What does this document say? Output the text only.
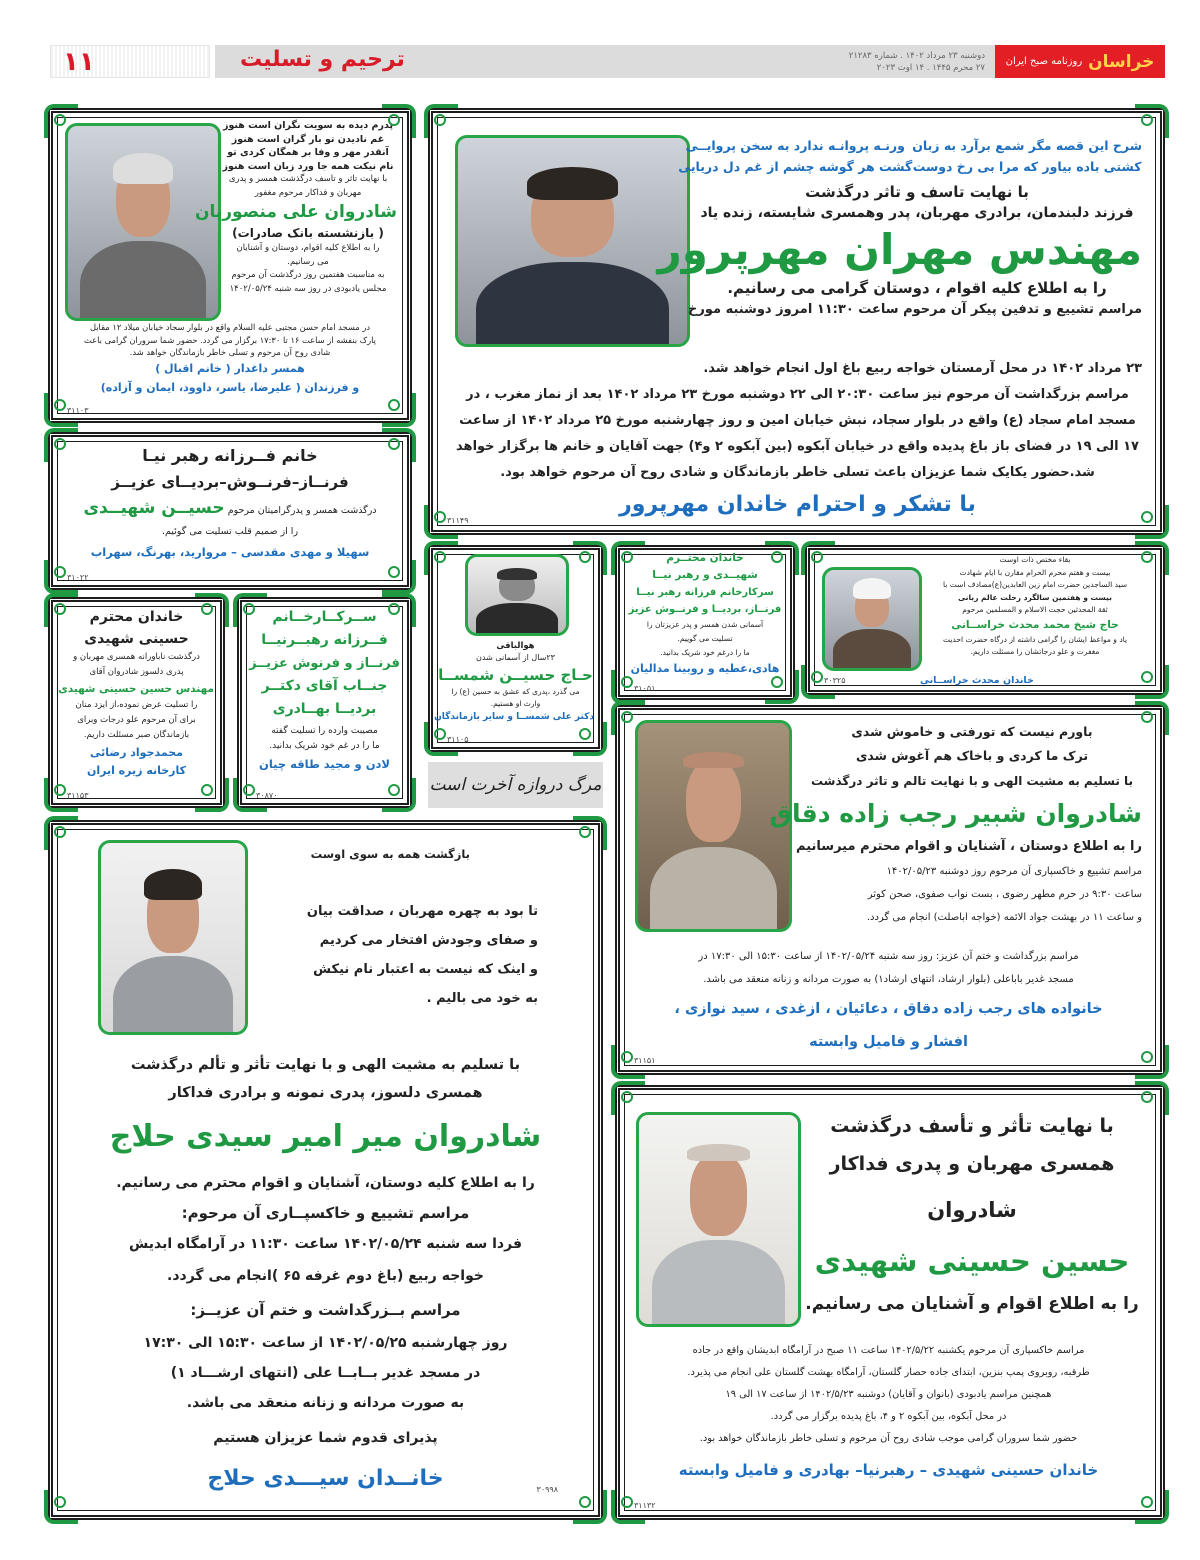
۱۱	ترحیم و تسلیت	دوشنبه ۲۳ مرداد ۱۴۰۲ . شماره ۲۱۲۸۳
۲۷ محرم ۱۴۴۵ . ۱۴ اوت ۲۰۲۳	خراسان
روزنامه صبح ایران
شرح این قصه مگر شمع برآرد به زبان
کشتی باده بیاور که مرا بی رخ دوست
ورنـه پروانـه ندارد به سخن پروایــی
گشت هر گوشه چشم از غم دل دریایی
با نهایت تاسف و تاثر درگذشت
فرزند دلبندمان، برادری مهربان، پدر وهمسری شایسته، زنده یاد
مهندس مهران مهرپرور
را به اطلاع کلیه اقوام ، دوستان گرامی می رسانیم.
مراسم تشییع و تدفین پیکر آن مرحوم ساعت ۱۱:۳۰ امروز دوشنبه مورخ
۲۳ مرداد ۱۴۰۲ در محل آرمستان خواجه ربیع باغ اول انجام خواهد شد.
مراسم بزرگداشت آن مرحوم نیز ساعت ۲۰:۳۰ الی ۲۲ دوشنبه مورخ ۲۳ مرداد ۱۴۰۲ بعد از نماز مغرب ، در
مسجد امام سجاد (ع) واقع در بلوار سجاد، نبش خیابان امین و روز چهارشنبه مورخ ۲۵ مرداد ۱۴۰۲ از ساعت
۱۷ الی ۱۹ در فضای باز باغ پدیده واقع در خیابان آبکوه (بین آبکوه ۲ و۴) جهت آقایان و خانم ها برگزار خواهد
شد.حضور یکایک شما عزیزان باعث تسلی خاطر بازماندگان و شادی روح آن مرحوم خواهد بود.
با تشکر و احترام خاندان مهرپرور
۳۱۱۴۹
پدرم دیده به سویت نگران است هنوز
غم نادیدن تو بار گران است هنوز
آنقدر مهر و وفا بر همگان کردی تو
نام نیکت همه جا ورد زبان است هنوز
با نهایت تاثر و تاسف درگذشت همسر و پدری
مهربان و فداکار مرحوم مغفور
شادروان علی منصوریان
( بازنشسته بانک صادرات)
را به اطلاع کلیه اقوام، دوستان و آشنایان
می رسانیم.
به مناسبت هفتمین روز درگذشت آن مرحوم
مجلس یادبودی در روز سه شنبه ۱۴۰۲/۰۵/۲۴
در مسجد امام حسن مجتبی علیه السلام واقع در بلوار سجاد خیابان میلاد ۱۲ مقابل
پارک بنفشه از ساعت ۱۶ تا ۱۷:۳۰ برگزار می گردد. حضور شما سروران گرامی باعث
شادی روح آن مرحوم و تسلی خاطر بازماندگان خواهد شد.
همسر داغدار ( خانم اقبال )
و فرزندان ( علیرضا، یاسر، داوود، ایمان و آزاده)
۳۱۱۰۳
خانم فــرزانه رهبر نیـا
فرنــاز–فرنــوش–بردیــای عزیــز
درگذشت همسر و پدرگرامیتان مرحوم حسیــن شهیــدی
را از صمیم قلب تسلیت می گوئیم.
سهیلا و مهدی مقدسی – مروارید، بهرنگ، سهراب
۳۱۰۲۲
خاندان محترم
حسینی شهیدی
درگذشت ناباورانه همسری مهربان و
پدری دلسوز شادروان آقای
مهندس حسین حسینی شهیدی
را تسلیت عرض نموده،از ایزد منان
برای آن مرحوم علو درجات وبرای
بازماندگان صبر مسئلت داریم.
محمدجواد رضائی
کارخانه زیره ایران
۳۱۱۵۳
ســرکــارخــانم
فــرزانه رهبــرنیــا
فرنــاز و فرنوش عزیــز
جنــاب آقای دکتــر
بردیــا بهــادری
مصیبت وارده را تسلیت گفته
ما را در غم خود شریک بدانید.
لادن و مجید طاقه چیان
۳۰۸۷۰
هوالباقی
۲۳سال از آسمانی شدن
حـاج حسیــن شمســا
می گذرد ،پدری که عشق به حسین (ع) را
وارث او هستیم.
دکتر علی شمســا و سایر بازماندگان
۳۱۱۰۵
مرگ دروازه آخرت است
خاندان محتــرم
شهیــدی و رهبر نیــا
سرکارخانم فرزانه رهبر نیــا
فرنــاز، بردیــا و فرنــوش عزیز
آسمانی شدن همسر و پدر عزیزتان را
تسلیت می گوییم.
ما را درغم خود شریک بدانید.
هادی،عطیه و روبینا مدالیان
۳۱۰۵۱
بقاء مختص ذات اوست
بیست و هفتم محرم الحرام مقارن با ایام شهادت
سید الساجدین حضرت امام زین العابدین(ع)مصادف است با
بیست و هفتمین سالگرد رحلت عالم ربانی
ثقة المحدثین حجت الاسلام و المسلمین مرحوم
حاج شیخ محمد محدث خراســانی
یاد و مواعظ ایشان را گرامی داشته از درگاه حضرت احدیت
مغفرت و علو درجاتشان را مسئلت داریم.
خاندان محدث خراســانی
۳۰۳۲۵
باورم نیست که تورفتی و خاموش شدی
ترک ما کردی و باخاک هم آغوش شدی
با تسلیم به مشیت الهی و با نهایت تالم و تاثر درگذشت
شادروان شبیر رجب زاده دقاق
را به اطلاع دوستان ، آشنایان و اقوام محترم میرسانیم
مراسم تشییع و خاکسپاری آن مرحوم روز دوشنبه ۱۴۰۲/۰۵/۲۳
ساعت ۹:۳۰ در حرم مطهر رضوی ، بست نواب صفوی، صحن کوثر
و ساعت ۱۱ در بهشت جواد الائمه (خواجه اباصلت) انجام می گردد.
مراسم بزرگداشت و ختم آن عزیز: روز سه شنبه ۱۴۰۲/۰۵/۲۴ از ساعت ۱۵:۳۰ الی ۱۷:۳۰ در
مسجد غدیر باباعلی (بلوار ارشاد، انتهای ارشاد۱) به صورت مردانه و زنانه منعقد می باشد.
خانواده های رجب زاده دقاق ، دعائیان ، ازغدی ، سید نوازی ،
افشار و فامیل وابسته
۳۱۱۵۱
بازگشت همه به سوی اوست
تا بود به چهره مهربان ، صداقت بیان
و صفای وجودش افتخار می کردیم
و اینک که نیست به اعتبار نام نیکش
به خود می بالیم .
با تسلیم به مشیت الهی و با نهایت تأثر و تألم درگذشت
همسری دلسوز، پدری نمونه و برادری فداکار
شادروان میر امیر سیدی حلاج
را به اطلاع کلیه دوستان، آشنایان و اقوام محترم می رسانیم.
مراسم تشییع و خاکسپــاری آن مرحوم:
فردا سه شنبه ۱۴۰۲/۰۵/۲۴ ساعت ۱۱:۳۰ در آرامگاه ابدیش
خواجه ربیع (باغ دوم غرفه ۶۵ )انجام می گردد.
مراسم بــزرگداشت و ختم آن عزیــز:
روز چهارشنبه ۱۴۰۲/۰۵/۲۵ از ساعت ۱۵:۳۰ الی ۱۷:۳۰
در مسجد غدیر بــابــا علی (انتهای ارشـــاد ۱)
به صورت مردانه و زنانه منعقد می باشد.
پذیرای قدوم شما عزیزان هستیم
خانــدان سیـــدی حلاج	۳۰۹۹۸
با نهایت تأثر و تأسف درگذشت
همسری مهربان و پدری فداکار
شادروان
حسین حسینی شهیدی
را به اطلاع اقوام و آشنایان می رسانیم.
مراسم خاکسپاری آن مرحوم یکشنبه ۱۴۰۲/۵/۲۲ ساعت ۱۱ صبح در آرامگاه ابدیشان واقع در جاده
طرقبه، روبروی پمپ بنزین، ابتدای جاده حصار گلستان، آرامگاه بهشت گلستان علی انجام می پذیرد.
همچنین مراسم یادبودی (بانوان و آقایان) دوشنبه ۱۴۰۲/۵/۲۳ از ساعت ۱۷ الی ۱۹
در محل آبکوه، بین آبکوه ۲ و ۴، باغ پدیده برگزار می گردد.
حضور شما سروران گرامی موجب شادی روح آن مرحوم و تسلی خاطر بازماندگان خواهد بود.
خاندان حسینی شهیدی – رهبرنیا– بهادری و فامیل وابسته
۳۱۱۳۲
